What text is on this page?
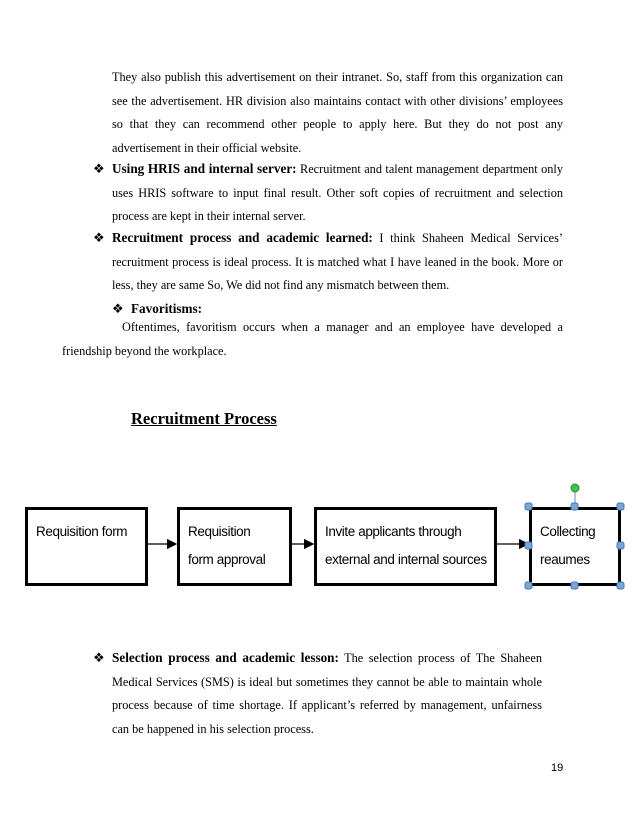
They also publish this advertisement on their intranet. So, staff from this organization can see the advertisement. HR division also maintains contact with other divisions’ employees so that they can recommend other people to apply here. But they do not post any advertisement in their official website.
❖ Using HRIS and internal server: Recruitment and talent management department only uses HRIS software to input final result. Other soft copies of recruitment and selection process are kept in their internal server.
❖ Recruitment process and academic learned: I think Shaheen Medical Services’ recruitment process is ideal process. It is matched what I have leaned in the book. More or less, they are same So, We did not find any mismatch between them.
❖ Favoritisms:
Oftentimes, favoritism occurs when a manager and an employee have developed a friendship beyond the workplace.
Recruitment Process
Requisition form	Requisition
form approval
Invite applicants through
external and internal sources
Collecting
reaumes
❖ Selection process and academic lesson: The selection process of The Shaheen Medical Services (SMS) is ideal but sometimes they cannot be able to maintain whole process because of time shortage. If applicant’s referred by management, unfairness can be happened in his selection process.
19
